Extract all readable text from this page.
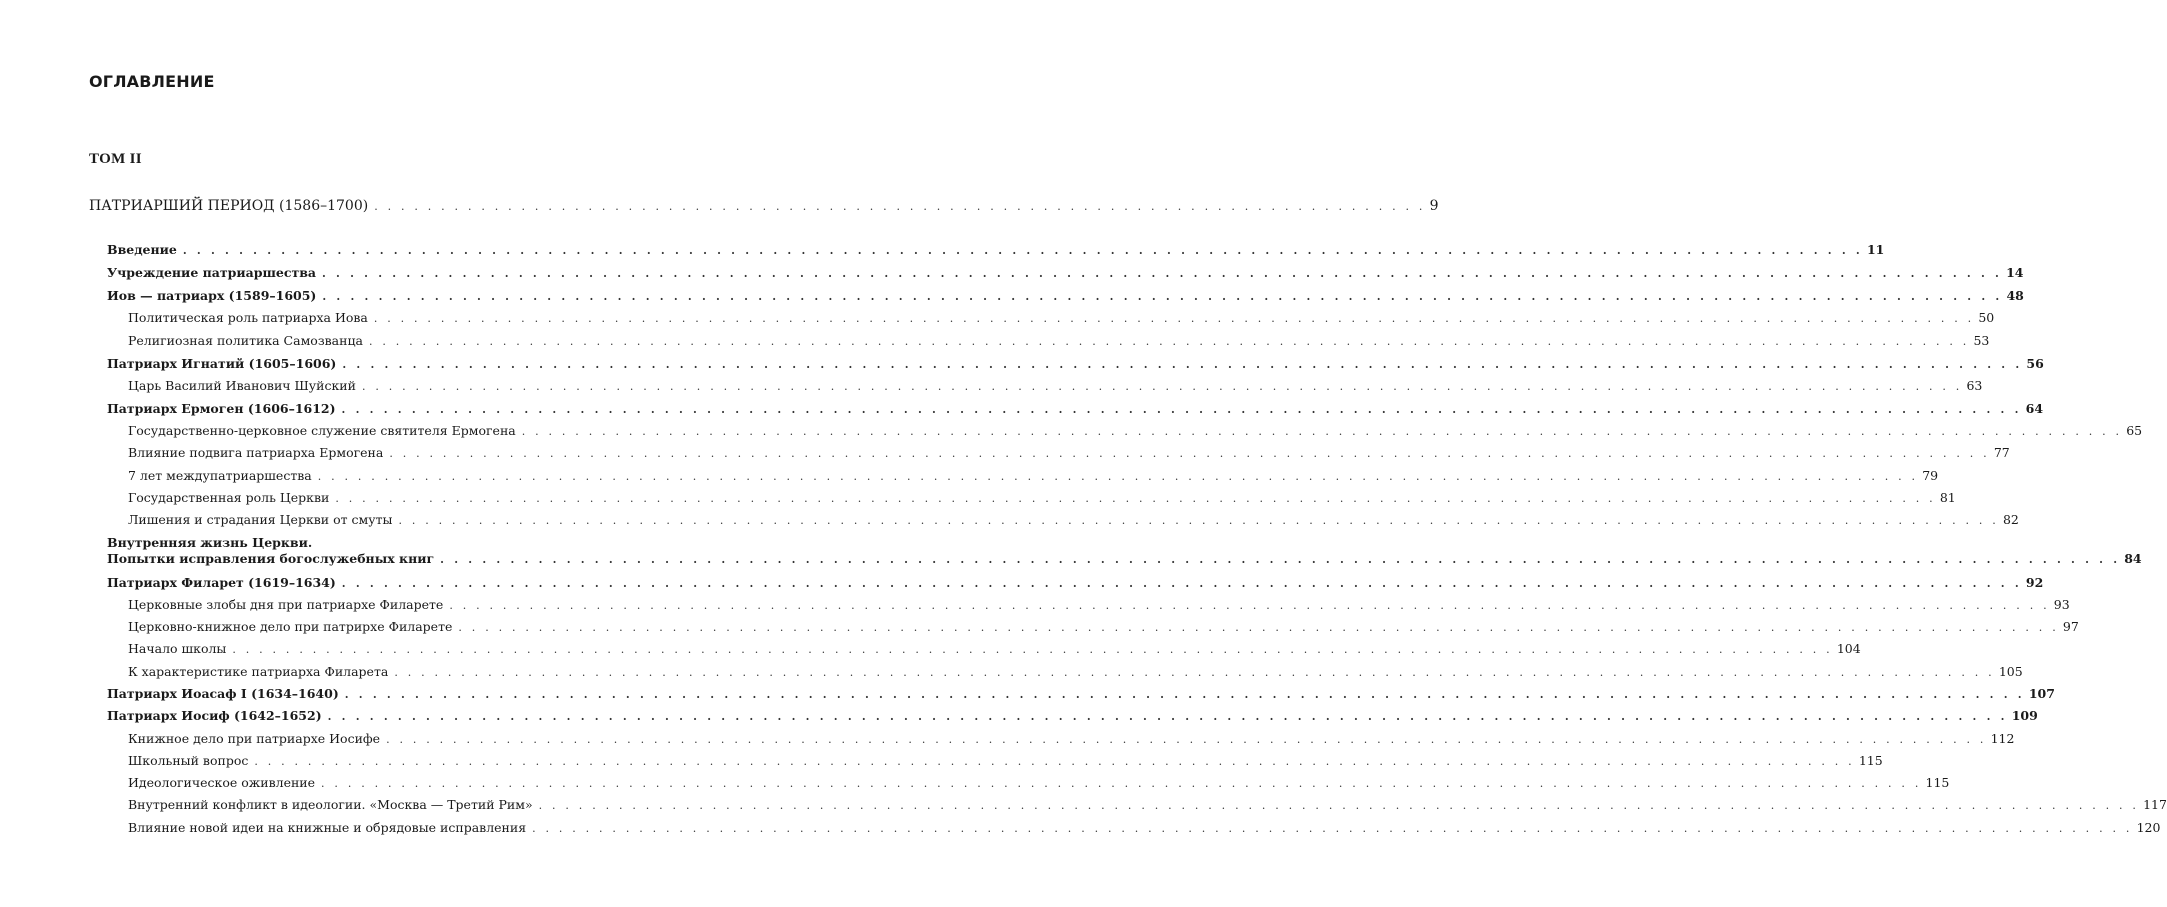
ОГЛАВЛЕНИЕ
ТОМ II
ПАТРИАРШИЙ ПЕРИОД (1586–1700) . . . . . . . . . . . . . . . . . . . . . . . . . . . . . . . . . . . . . . . . . . . . . . . . . . . . . . . . . . . . . . . . . . . . . . . . . . . . . . . 9
Введение . . . . . . . . . . . . . . . . . . . . . . . . . . . . . . . . . . . . . . . . . . . . . . . . . . . . . . . . . . . . . . . . . . . . . . . . . . . . . . . . . . . . . . . . . . . . . . . . . . . . . . . . . . . . . . . . . . . . . . . . 11
Учреждение патриаршества . . . . . . . . . . . . . . . . . . . . . . . . . . . . . . . . . . . . . . . . . . . . . . . . . . . . . . . . . . . . . . . . . . . . . . . . . . . . . . . . . . . . . . . . . . . . . . . . . . . . . . . . . . . . . . . . . . . . . . . . 14
Иов — патриарх (1589–1605) . . . . . . . . . . . . . . . . . . . . . . . . . . . . . . . . . . . . . . . . . . . . . . . . . . . . . . . . . . . . . . . . . . . . . . . . . . . . . . . . . . . . . . . . . . . . . . . . . . . . . . . . . . . . . . . . . . . . . . . . 48
Политическая роль патриарха Иова . . . . . . . . . . . . . . . . . . . . . . . . . . . . . . . . . . . . . . . . . . . . . . . . . . . . . . . . . . . . . . . . . . . . . . . . . . . . . . . . . . . . . . . . . . . . . . . . . . . . . . . . . . . . . . . . . . . . . . . . 50
Религиозная политика Самозванца . . . . . . . . . . . . . . . . . . . . . . . . . . . . . . . . . . . . . . . . . . . . . . . . . . . . . . . . . . . . . . . . . . . . . . . . . . . . . . . . . . . . . . . . . . . . . . . . . . . . . . . . . . . . . . . . . . . . . . . . 53
Патриарх Игнатий (1605–1606) . . . . . . . . . . . . . . . . . . . . . . . . . . . . . . . . . . . . . . . . . . . . . . . . . . . . . . . . . . . . . . . . . . . . . . . . . . . . . . . . . . . . . . . . . . . . . . . . . . . . . . . . . . . . . . . . . . . . . . . . 56
Царь Василий Иванович Шуйский . . . . . . . . . . . . . . . . . . . . . . . . . . . . . . . . . . . . . . . . . . . . . . . . . . . . . . . . . . . . . . . . . . . . . . . . . . . . . . . . . . . . . . . . . . . . . . . . . . . . . . . . . . . . . . . . . . . . . . . . 63
Патриарх Ермоген (1606–1612) . . . . . . . . . . . . . . . . . . . . . . . . . . . . . . . . . . . . . . . . . . . . . . . . . . . . . . . . . . . . . . . . . . . . . . . . . . . . . . . . . . . . . . . . . . . . . . . . . . . . . . . . . . . . . . . . . . . . . . . . 64
Государственно-церковное служение святителя Ермогена . . . . . . . . . . . . . . . . . . . . . . . . . . . . . . . . . . . . . . . . . . . . . . . . . . . . . . . . . . . . . . . . . . . . . . . . . . . . . . . . . . . . . . . . . . . . . . . . . . . . . . . . . . . . . . . . . . . . . . . . 65
Влияние подвига патриарха Ермогена . . . . . . . . . . . . . . . . . . . . . . . . . . . . . . . . . . . . . . . . . . . . . . . . . . . . . . . . . . . . . . . . . . . . . . . . . . . . . . . . . . . . . . . . . . . . . . . . . . . . . . . . . . . . . . . . . . . . . . . . 77
7 лет междупатриаршества . . . . . . . . . . . . . . . . . . . . . . . . . . . . . . . . . . . . . . . . . . . . . . . . . . . . . . . . . . . . . . . . . . . . . . . . . . . . . . . . . . . . . . . . . . . . . . . . . . . . . . . . . . . . . . . . . . . . . . . . 79
Государственная роль Церкви . . . . . . . . . . . . . . . . . . . . . . . . . . . . . . . . . . . . . . . . . . . . . . . . . . . . . . . . . . . . . . . . . . . . . . . . . . . . . . . . . . . . . . . . . . . . . . . . . . . . . . . . . . . . . . . . . . . . . . . . 81
Лишения и страдания Церкви от смуты . . . . . . . . . . . . . . . . . . . . . . . . . . . . . . . . . . . . . . . . . . . . . . . . . . . . . . . . . . . . . . . . . . . . . . . . . . . . . . . . . . . . . . . . . . . . . . . . . . . . . . . . . . . . . . . . . . . . . . . . 82
Внутренняя жизнь Церкви.
Попытки исправления богослужебных книг . . . . . . . . . . . . . . . . . . . . . . . . . . . . . . . . . . . . . . . . . . . . . . . . . . . . . . . . . . . . . . . . . . . . . . . . . . . . . . . . . . . . . . . . . . . . . . . . . . . . . . . . . . . . . . . . . . . . . . . . 84
Патриарх Филарет (1619–1634) . . . . . . . . . . . . . . . . . . . . . . . . . . . . . . . . . . . . . . . . . . . . . . . . . . . . . . . . . . . . . . . . . . . . . . . . . . . . . . . . . . . . . . . . . . . . . . . . . . . . . . . . . . . . . . . . . . . . . . . . 92
Церковные злобы дня при патриархе Филарете . . . . . . . . . . . . . . . . . . . . . . . . . . . . . . . . . . . . . . . . . . . . . . . . . . . . . . . . . . . . . . . . . . . . . . . . . . . . . . . . . . . . . . . . . . . . . . . . . . . . . . . . . . . . . . . . . . . . . . . . 93
Церковно-книжное дело при патрирхе Филарете . . . . . . . . . . . . . . . . . . . . . . . . . . . . . . . . . . . . . . . . . . . . . . . . . . . . . . . . . . . . . . . . . . . . . . . . . . . . . . . . . . . . . . . . . . . . . . . . . . . . . . . . . . . . . . . . . . . . . . . . 97
Начало школы . . . . . . . . . . . . . . . . . . . . . . . . . . . . . . . . . . . . . . . . . . . . . . . . . . . . . . . . . . . . . . . . . . . . . . . . . . . . . . . . . . . . . . . . . . . . . . . . . . . . . . . . . . . . . . . . . . . . . . . . 104
К характеристике патриарха Филарета . . . . . . . . . . . . . . . . . . . . . . . . . . . . . . . . . . . . . . . . . . . . . . . . . . . . . . . . . . . . . . . . . . . . . . . . . . . . . . . . . . . . . . . . . . . . . . . . . . . . . . . . . . . . . . . . . . . . . . . . 105
Патриарх Иоасаф I (1634–1640) . . . . . . . . . . . . . . . . . . . . . . . . . . . . . . . . . . . . . . . . . . . . . . . . . . . . . . . . . . . . . . . . . . . . . . . . . . . . . . . . . . . . . . . . . . . . . . . . . . . . . . . . . . . . . . . . . . . . . . . . 107
Патриарх Иосиф (1642–1652) . . . . . . . . . . . . . . . . . . . . . . . . . . . . . . . . . . . . . . . . . . . . . . . . . . . . . . . . . . . . . . . . . . . . . . . . . . . . . . . . . . . . . . . . . . . . . . . . . . . . . . . . . . . . . . . . . . . . . . . . 109
Книжное дело при патриархе Иосифе . . . . . . . . . . . . . . . . . . . . . . . . . . . . . . . . . . . . . . . . . . . . . . . . . . . . . . . . . . . . . . . . . . . . . . . . . . . . . . . . . . . . . . . . . . . . . . . . . . . . . . . . . . . . . . . . . . . . . . . . 112
Школьный вопрос . . . . . . . . . . . . . . . . . . . . . . . . . . . . . . . . . . . . . . . . . . . . . . . . . . . . . . . . . . . . . . . . . . . . . . . . . . . . . . . . . . . . . . . . . . . . . . . . . . . . . . . . . . . . . . . . . . . . . . . . 115
Идеологическое оживление . . . . . . . . . . . . . . . . . . . . . . . . . . . . . . . . . . . . . . . . . . . . . . . . . . . . . . . . . . . . . . . . . . . . . . . . . . . . . . . . . . . . . . . . . . . . . . . . . . . . . . . . . . . . . . . . . . . . . . . . 115
Внутренний конфликт в идеологии. «Москва — Третий Рим» . . . . . . . . . . . . . . . . . . . . . . . . . . . . . . . . . . . . . . . . . . . . . . . . . . . . . . . . . . . . . . . . . . . . . . . . . . . . . . . . . . . . . . . . . . . . . . . . . . . . . . . . . . . . . . . . . . . . . . . . 117
Влияние новой идеи на книжные и обрядовые исправления . . . . . . . . . . . . . . . . . . . . . . . . . . . . . . . . . . . . . . . . . . . . . . . . . . . . . . . . . . . . . . . . . . . . . . . . . . . . . . . . . . . . . . . . . . . . . . . . . . . . . . . . . . . . . . . . . . . . . . . . 120
